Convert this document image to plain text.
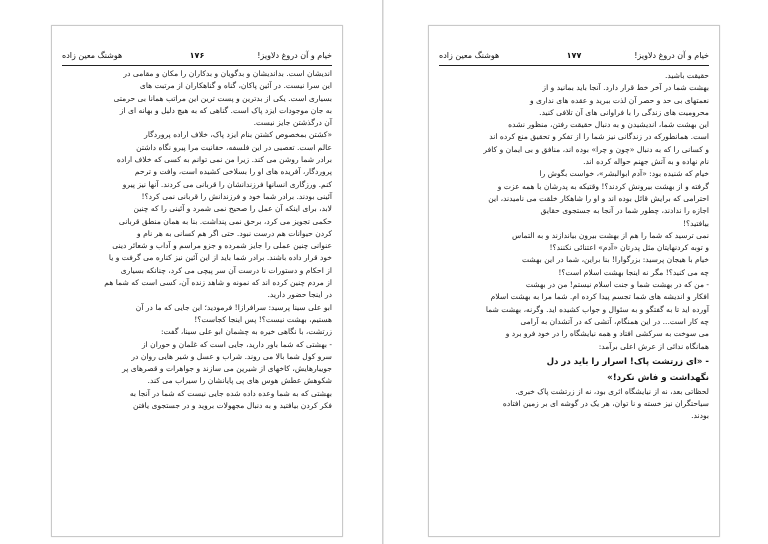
خیام و آن دروغ دلاویز!
۱۷۶
هوشنگ معین زاده

اندیشان است. بداندیشان و بدگویان و بدکاران را مکان و مقامی در

این سرا نیست. در آئین پاکان، گناه و گناهکاران از مرتبت های

بسیاری است. یکی از بدترین و پست ترین این مراتب همانا بی حرمتی

به جان موجودات ایزد پاک است. گناهی که به هیچ دلیل و بهانه ای از

آن درگذشتن جایز نیست.

«کشتن بمخصوص کشتن بنام ایزد پاک، خلاف اراده پروردگار

عالم است. تعصبی در این فلسفه، حقانیت مرا پیرو نگاه داشتن

برادر شما روشن می کند. زیرا من نمی توانم به کسی که خلاف اراده

پروردگار، آفریده های او را بسلاخی کشیده است، وافت و ترحم

کنم. ورزگاری انسانها فرزندانشان را قربانی می کردند. آنها نیز پیرو

آئینی بودند. برادر شما خود و فرزندانش را قربانی نمی کرد؟!

لابد، برای اینکه آن عمل را صحیح نمی شمرد و آئینی را که چنین

حکمی تجویز می کرد، برحق نمی پنداشت. بنا به همان منطق قربانی

کردن حیوانات هم درست نبود. حتی اگر هم کسانی به هر نام و

عنوانی چنین عملی را جایز شمرده و جزو مراسم و آداب و شعائر دینی

خود قرار داده باشند. برادر شما باید از این آئین نیز کناره می گرفت و یا

از احکام و دستورات نا درست آن سر پیچی می کرد، چنانکه بسیاری

از مردم چنین کرده اند که نمونه و شاهد زنده آن، کسی است که شما هم

در اینجا حضور دارید.

ابو علی سینا پرسید: سرافرازا! فرمودید؛ این جایی که ما در آن

هستیم، بهشت نیست؟! پس اینجا کجاست؟!

زرتشت، با نگاهی خیره به چشمان ابو علی سینا، گفت:

- بهشتی که شما باور دارید، جایی است که غلمان و حوران از

سرو کول شما بالا می روند. شراب و عسل و شیر هایی روان در

جویبارهایش، کاخهای از شیرین می سازند و جواهرات و قصرهای پر

شکوهش عطش هوس های پی پایانشان را سیراب می کند.

بهشتی که به شما وعده داده شده جایی نیست که شما در آنجا به

فکر کردن بیافتید و به دنبال مجهولات بروید و در جستجوی یافتن

خیام و آن دروغ دلاویز!
۱۷۷
هوشنگ معین زاده

حقیقت باشید.

بهشت شما در آخر خط قرار دارد. آنجا باید بمانید و از

نعمتهای بی حد و حصر آن لذت ببرید و عقده های نداری و

محرومیت های زندگی را با فراوانی های آن تلافی کنید.

این بهشت شما، اندیشیدن و به دنبال حقیقت رفتن، منظور نشده

است. همانطورکه در زندگانی نیز شما را از تفکر و تحقیق منع کرده اند

و کسانی را که به دنبال «چون و چرا» بوده اند، منافق و بی ایمان و کافر

نام نهاده و به آتش جهنم حواله کرده اند.

خیام که شنیده بود: «آدم ابوالبشر»، خواست بگوش را

گرفته و از بهشت بیرونش کردند؟! وقتیکه به پدرشان با همه عزت و

احترامی که برایش قائل بوده اند و او را شاهکار خلقت می نامیدند، این

اجازه را ندادند، چطور شما در آنجا به جستجوی حقایق

بیافتید؟!

نمی ترسید که شما را هم از بهشت بیرون بیاندازند و به التماس

و توبه کردنهایتان مثل پدرتان «آدم» اعتنائی نکنند؟!

خیام با هیجان پرسید: بزرگوارا! بنا براین، شما در این بهشت

چه می کنید؟! مگر نه اینجا بهشت اسلام است؟!

- من که در بهشت شما و جنت اسلام نیستم! من در بهشت

افکار و اندیشه های شما تجسم پیدا کرده ام. شما مرا به بهشت اسلام

آورده اید تا به گفتگو و به سئوال و جواب کشیده اید. وگرنه، بهشت شما

چه کار است... در این همنگام، آتشی که در آتشدان به آرامی

می سوخت به سرکشی افتاد و همه نیایشگاه را در خود فرو برد و

همانگاه ندائی از عرش اعلی برآمد:

- «ای زرتشت پاک! اسرار را باید در دل

نگهداشت و فاش نکرد!»

لحظاتی بعد، نه از نیایشگاه اثری بود، نه از زرتشت پاک خبری.

سیاحتگران نیز خسته و نا توان، هر یک در گوشه ای بر زمین افتاده

بودند.
